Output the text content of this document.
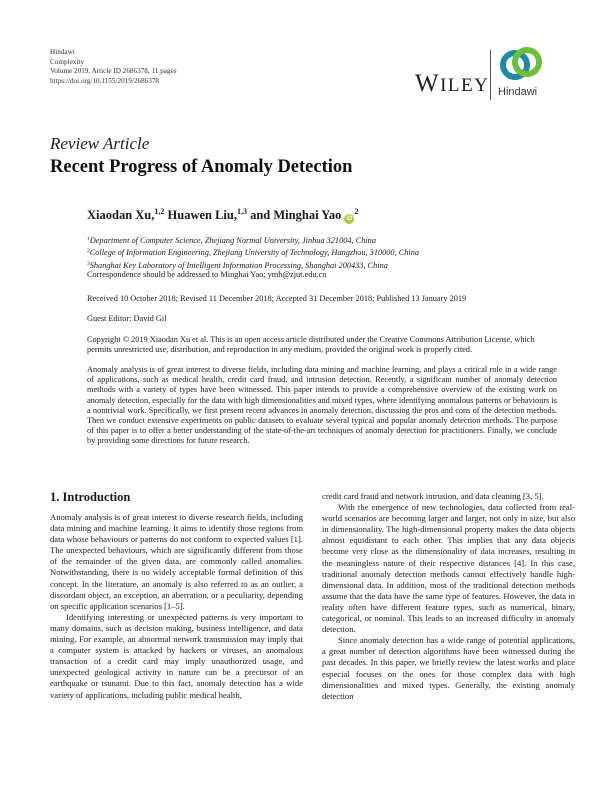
Hindawi
Complexity
Volume 2019, Article ID 2686378, 11 pages
https://doi.org/10.1155/2019/2686378	WILEY Hindawi
Review Article
Recent Progress of Anomaly Detection
Xiaodan Xu,$^{1,2}$ Huawen Liu,$^{1,3}$ and Minghai Yao $iD^2$
$^1$Department of Computer Science, Zhejiang Normal University, Jinhua 321004, China
$^2$College of Information Engineering, Zhejiang University of Technology, Hangzhou, 310000, China
$^3$Shanghai Key Laboratory of Intelligent Information Processing, Shanghai 200433, China
Correspondence should be addressed to Minghai Yao; ymh@zjut.edu.cn
Received 10 October 2018; Revised 11 December 2018; Accepted 31 December 2018; Published 13 January 2019
Guest Editor: David Gil
Copyright © 2019 Xiaodan Xu et al. This is an open access article distributed under the Creative Commons Attribution License, which permits unrestricted use, distribution, and reproduction in any medium, provided the original work is properly cited.
Anomaly analysis is of great interest to diverse fields, including data mining and machine learning, and plays a critical role in a wide range of applications, such as medical health, credit card fraud, and intrusion detection. Recently, a significant number of anomaly detection methods with a variety of types have been witnessed. This paper intends to provide a comprehensive overview of the existing work on anomaly detection, especially for the data with high dimensionalities and mixed types, where identifying anomalous patterns or behaviours is a nontrivial work. Specifically, we first present recent advances in anomaly detection, discussing the pros and cons of the detection methods. Then we conduct extensive experiments on public datasets to evaluate several typical and popular anomaly detection methods. The purpose of this paper is to offer a better understanding of the state-of-the-art techniques of anomaly detection for practitioners. Finally, we conclude by providing some directions for future research.
1. Introduction

Anomaly analysis is of great interest to diverse research fields, including data mining and machine learning. It aims to identify those regions from data whose behaviours or patterns do not conform to expected values [1]. The unexpected behaviours, which are significantly different from those of the remainder of the given data, are commonly called anomalies. Notwithstanding, there is no widely acceptable formal definition of this concept. In the literature, an anomaly is also referred to as an outlier, a discordant object, an exception, an aberration, or a peculiarity, depending on specific application scenarios [1–5].

Identifying interesting or unexpected patterns is very important to many domains, such as decision making, business intelligence, and data mining. For example, an abnormal network transmission may imply that a computer system is attacked by hackers or viruses, an anomalous transaction of a credit card may imply unauthorized usage, and unexpected geological activity in nature can be a precursor of an earthquake or tsunami. Due to this fact, anomaly detection has a wide variety of applications, including public medical health,

credit card fraud and network intrusion, and data cleaning [3, 5].

With the emergence of new technologies, data collected from real-world scenarios are becoming larger and larger, not only in size, but also in dimensionality. The high-dimensional property makes the data objects almost equidistant to each other. This implies that any data objects become very close as the dimensionality of data increases, resulting in the meaningless nature of their respective distances [4]. In this case, traditional anomaly detection methods cannot effectively handle high-dimensional data. In addition, most of the traditional detection methods assume that the data have the same type of features. However, the data in reality often have different feature types, such as numerical, binary, categorical, or nominal. This leads to an increased difficulty in anomaly detection.

Since anomaly detection has a wide range of potential applications, a great number of detection algorithms have been witnessed during the past decades. In this paper, we briefly review the latest works and place especial focuses on the ones for those complex data with high dimensionalities and mixed types. Generally, the existing anomaly detection
